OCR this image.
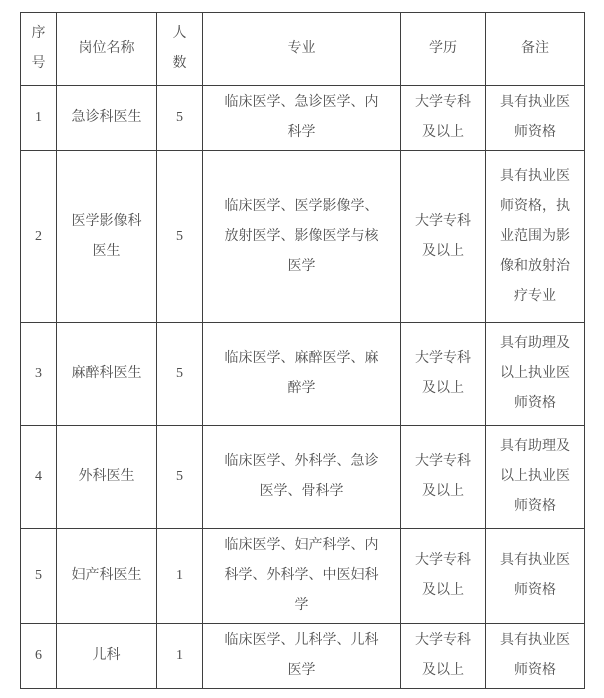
序号	岗位名称	人数	专业	学历	备注
1	急诊科医生	5	临床医学、急诊医学、内科学	大学专科及以上	具有执业医师资格
2	医学影像科医生	5	临床医学、医学影像学、放射医学、影像医学与核医学	大学专科及以上	具有执业医师资格，执业范围为影像和放射治疗专业
3	麻醉科医生	5	临床医学、麻醉医学、麻醉学	大学专科及以上	具有助理及以上执业医师资格
4	外科医生	5	临床医学、外科学、急诊医学、骨科学	大学专科及以上	具有助理及以上执业医师资格
5	妇产科医生	1	临床医学、妇产科学、内科学、外科学、中医妇科学	大学专科及以上	具有执业医师资格
6	儿科	1	临床医学、儿科学、儿科医学	大学专科及以上	具有执业医师资格
